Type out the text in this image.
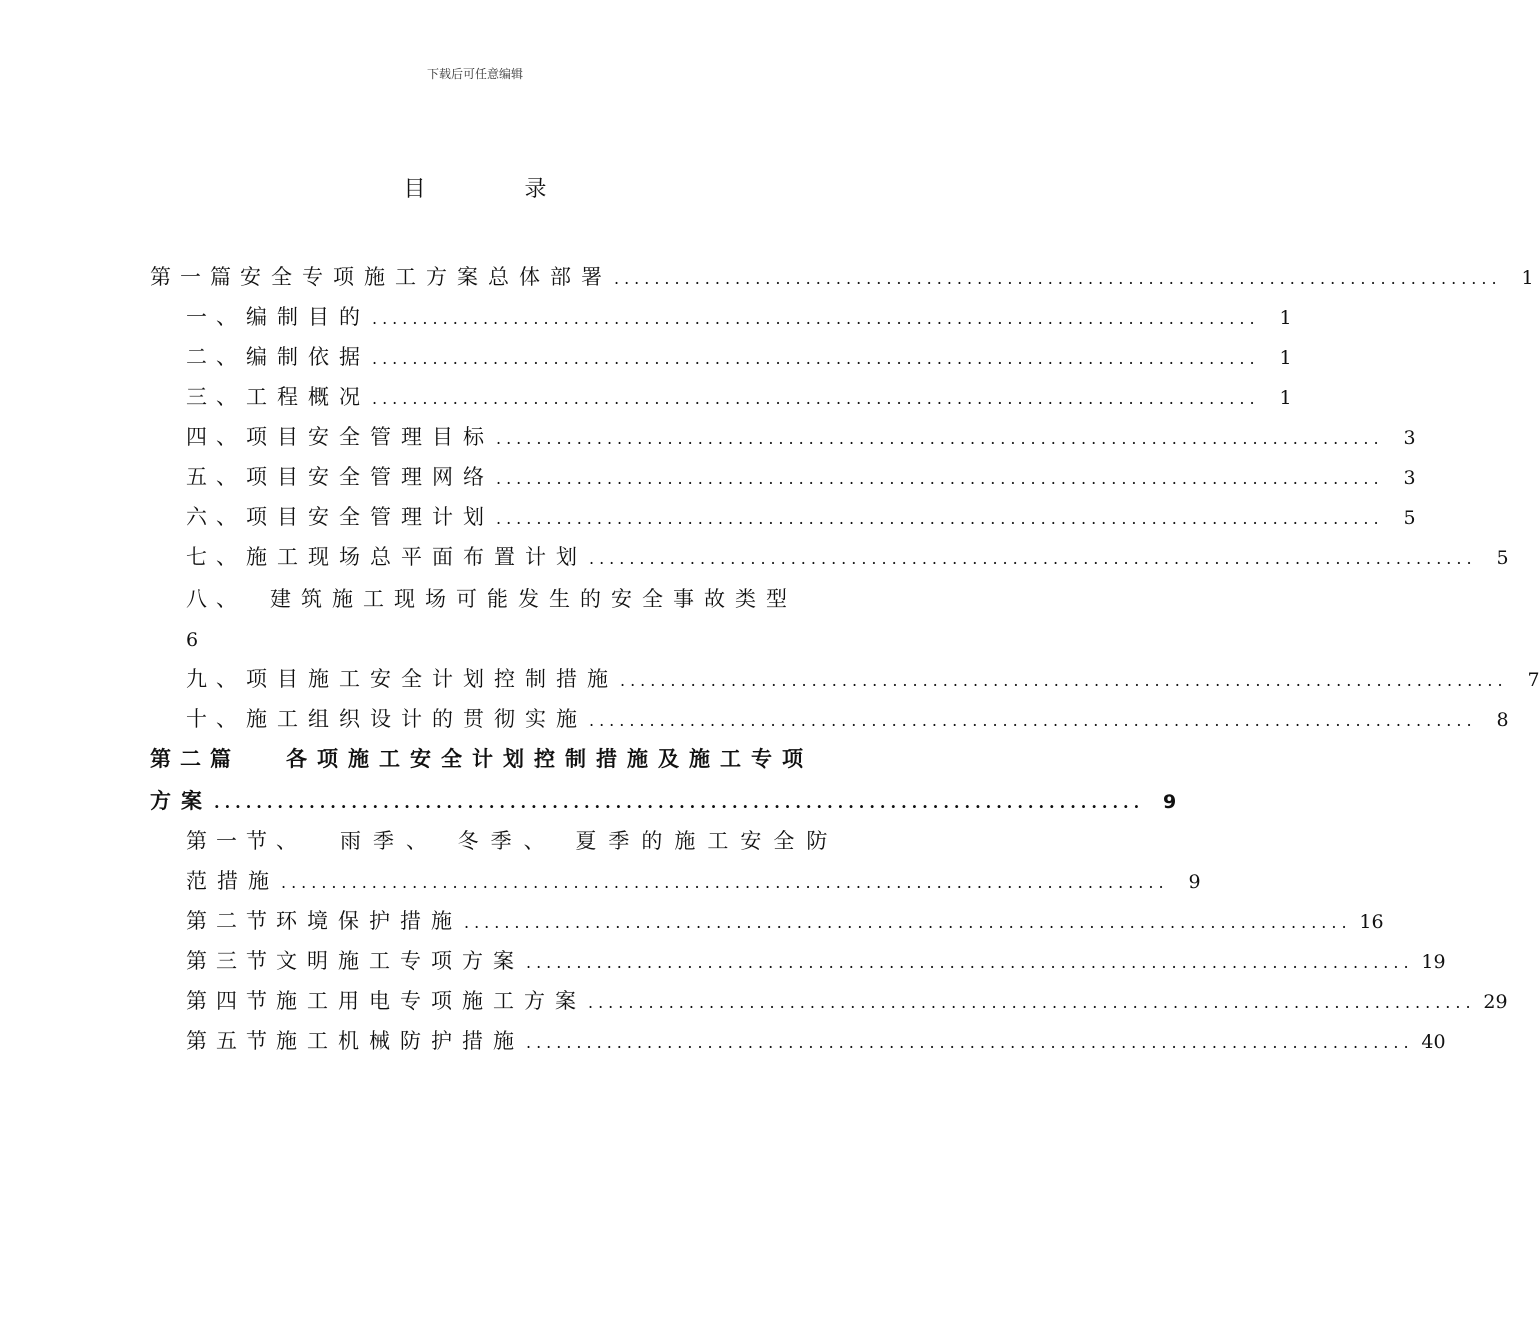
下载后可任意编辑
目 录
第一篇 安全专项施工方案总体部署 ........................................................................................	1
一、 编制目的 ........................................................................................	1
二、 编制依据 ........................................................................................	1
三、 工程概况 ........................................................................................	1
四、 项目安全管理目标 ........................................................................................	3
五、 项目安全管理网络 ........................................................................................	3
六、 项目安全管理计划 ........................................................................................	5
七、 施工现场总平面布置计划 ........................................................................................	5
八、 建筑施工现场可能发生的安全事故类型
6
九、 项目施工安全计划控制措施 ........................................................................................	7
十、 施工组织设计的贯彻实施 ........................................................................................	8
第二篇 各项施工安全计划控制措施及施工专项
方案 ........................................................................................ 9
第一节、 雨季、 冬季、 夏季的施工安全防
范措施 ........................................................................................	9
第二节 环境保护措施 ........................................................................................ 16
第三节 文明施工专项方案 ........................................................................................ 19
第四节 施工用电专项施工方案 ........................................................................................ 29
第五节 施工机械防护措施 ........................................................................................ 40
